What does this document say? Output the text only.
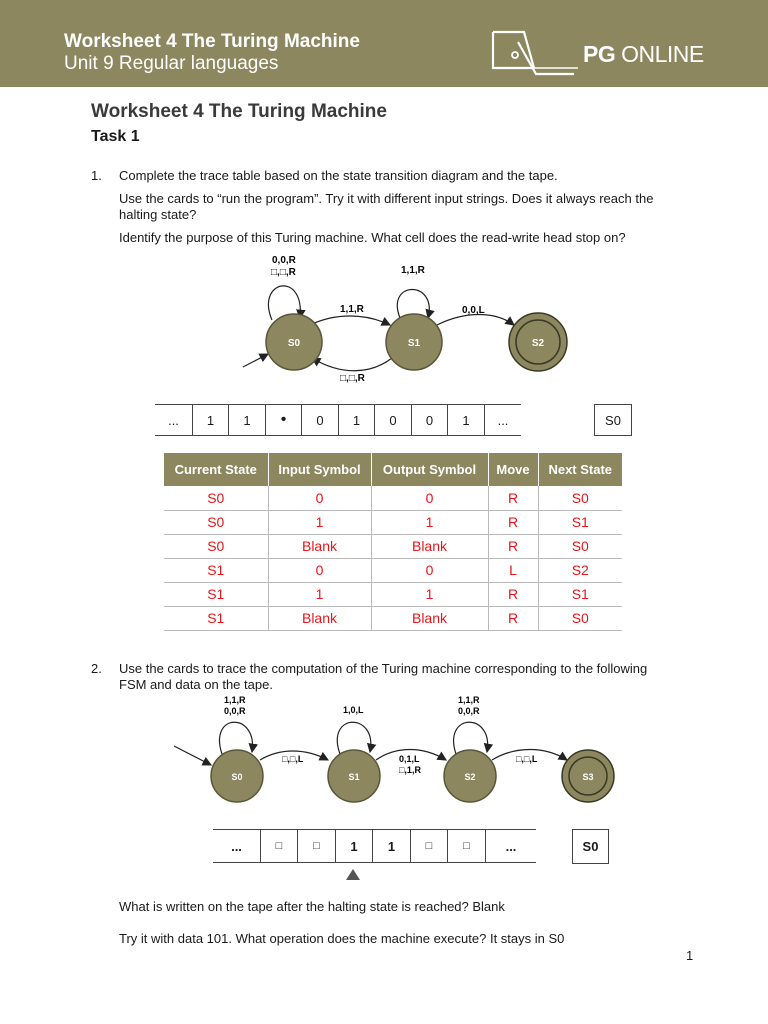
Worksheet 4 The Turing Machine
Unit 9 Regular languages	PG ONLINE
Worksheet 4 The Turing Machine
Task 1
1. Complete the trace table based on the state transition diagram and the tape.
Use the cards to “run the program”. Try it with different input strings. Does it always reach the halting state?
Identify the purpose of this Turing machine. What cell does the read-write head stop on?
0,0,R
□,□,R	1,1,R
1,1,R	0,0,L
□,□,R
S0	S1	S2
...	1	1	•	0	1	0	0	1	...	S0
Current State	Input Symbol	Output Symbol	Move	Next State
S0	0	0	R	S0
S0	1	1	R	S1
S0	Blank	Blank	R	S0
S1	0	0	L	S2
S1	1	1	R	S1
S1	Blank	Blank	R	S0
2. Use the cards to trace the computation of the Turing machine corresponding to the following FSM and data on the tape.
1,1,R
0,0,R	1,0,L
1,1,R
0,0,R
□,□,L	0,1,L
□,1,R
□,□,L
S0	S1	S2	S3
...	□	□	1	1	□	□	...	S0
What is written on the tape after the halting state is reached? Blank
Try it with data 101. What operation does the machine execute? It stays in S0
1
